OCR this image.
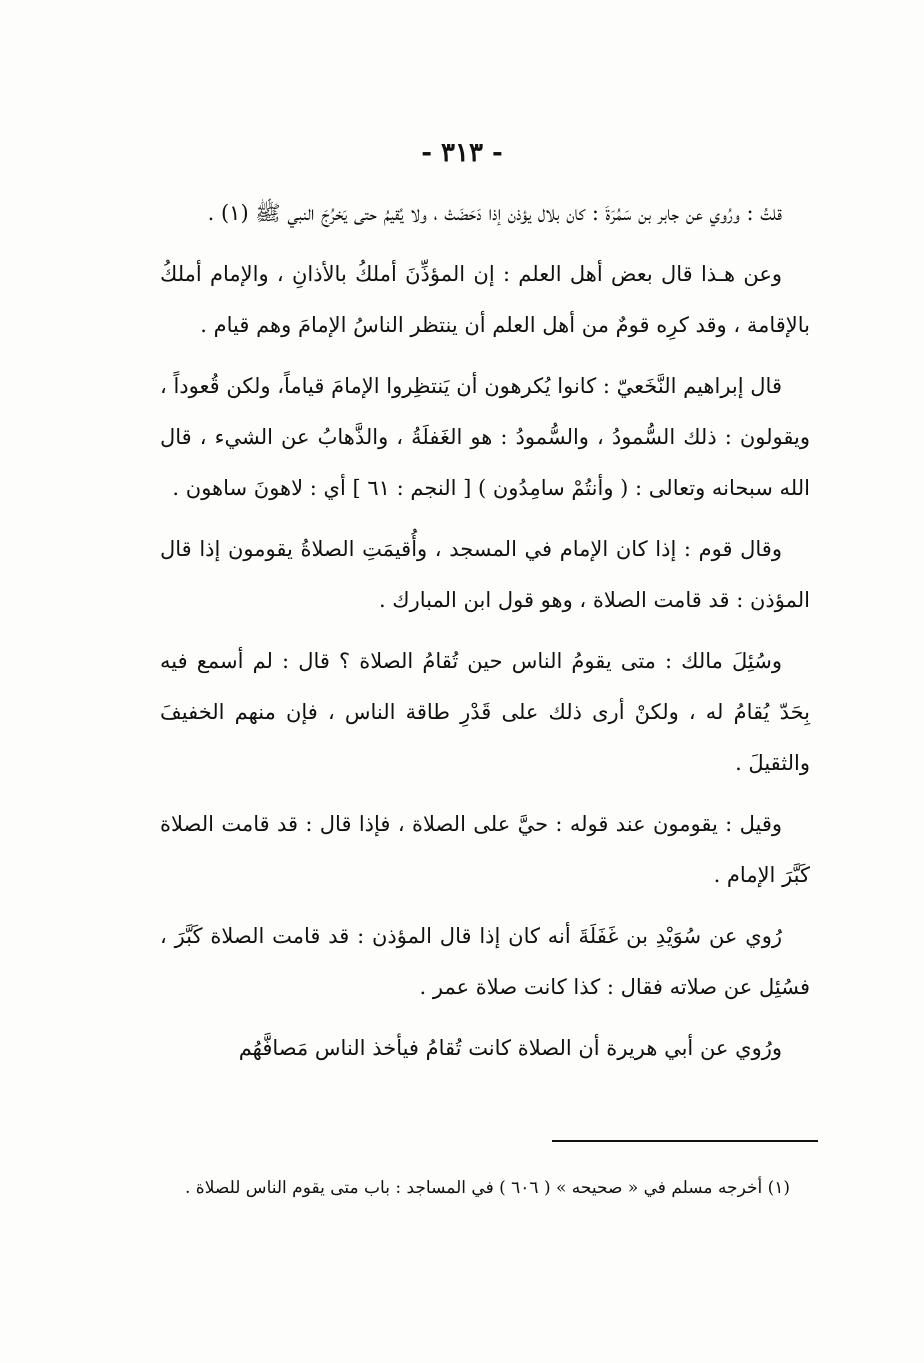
- ٣١٣ -

قلتُ : ورُوي عن جابر بن سَمُرَةَ : كان بلال يؤذن إذا دَحَضَتْ ، ولا يُقيمُ حتى يَخرُجَ النبي ﷺ (١) .

وعن هـذا قال بعض أهل العلم : إن المؤذِّنَ أملكُ بالأذانِ ، والإمام أملكُ بالإقامة ، وقد كرِه قومٌ من أهل العلم أن ينتظر الناسُ الإمامَ وهم قيام .

قال إبراهيم النَّخَعيّ : كانوا يُكرهون أن يَنتظِروا الإمامَ قياماً، ولكن قُعوداً ، ويقولون : ذلك السُّمودُ ، والسُّمودُ : هو الغَفلَةُ ، والذَّهابُ عن الشيء ، قال الله سبحانه وتعالى : ( وأنتُمْ سامِدُون ) [ النجم : ٦١ ] أي : لاهونَ ساهون .

وقال قوم : إذا كان الإمام في المسجد ، وأُقيمَتِ الصلاةُ يقومون إذا قال المؤذن : قد قامت الصلاة ، وهو قول ابن المبارك .

وسُئِلَ مالك : متى يقومُ الناس حين تُقامُ الصلاة ؟ قال : لم أسمع فيه بِحَدّ يُقامُ له ، ولكنْ أرى ذلك على قَدْرِ طاقة الناس ، فإن منهم الخفيفَ والثقيلَ .

وقيل : يقومون عند قوله : حيَّ على الصلاة ، فإذا قال : قد قامت الصلاة كَبَّرَ الإمام .

رُوي عن سُوَيْدِ بن غَفَلَةَ أنه كان إذا قال المؤذن : قد قامت الصلاة كَبَّرَ ، فسُئِل عن صلاته فقال : كذا كانت صلاة عمر .

ورُوي عن أبي هريرة أن الصلاة كانت تُقامُ فيأخذ الناس مَصافَّهُم

(١) أخرجه مسلم في « صحيحه » ( ٦٠٦ ) في المساجد : باب متى يقوم الناس للصلاة .
